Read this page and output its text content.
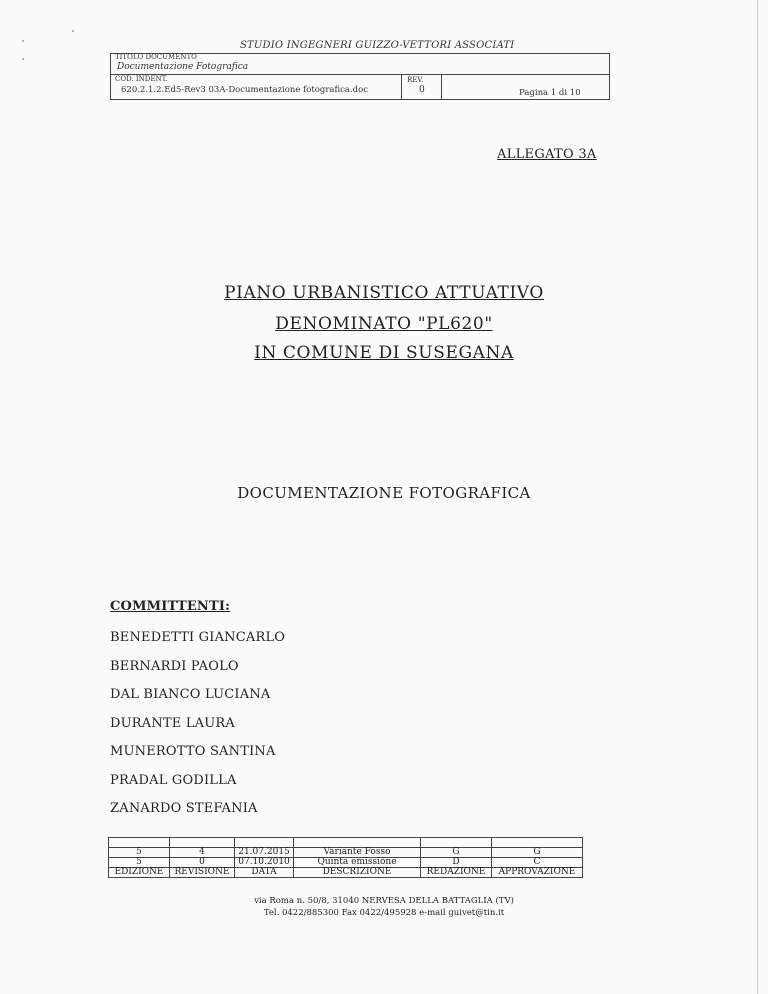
STUDIO INGEGNERI GUIZZO-VETTORI ASSOCIATI
TITOLO DOCUMENTO
Documentazione Fotografica
COD. INDENT.
620.2.1.2.Ed5-Rev3 03A-Documentazione fotografica.doc
REV.
0	Pagina 1 di 10
ALLEGATO 3A
PIANO URBANISTICO ATTUATIVO
DENOMINATO "PL620"
IN COMUNE DI SUSEGANA
DOCUMENTAZIONE FOTOGRAFICA
COMMITTENTI:
BENEDETTI GIANCARLO
BERNARDI PAOLO
DAL BIANCO LUCIANA
DURANTE LAURA
MUNEROTTO SANTINA
PRADAL GODILLA
ZANARDO STEFANIA

5	4	21.07.2015	Variante Fosso	G	G
5	0	07.10.2010	Quinta emissione	D	C
EDIZIONE	REVISIONE	DATA	DESCRIZIONE	REDAZIONE	APPROVAZIONE
via Roma n. 50/8, 31040 NERVESA DELLA BATTAGLIA (TV)
Tel. 0422/885300 Fax 0422/495928 e-mail guivet@tin.it
